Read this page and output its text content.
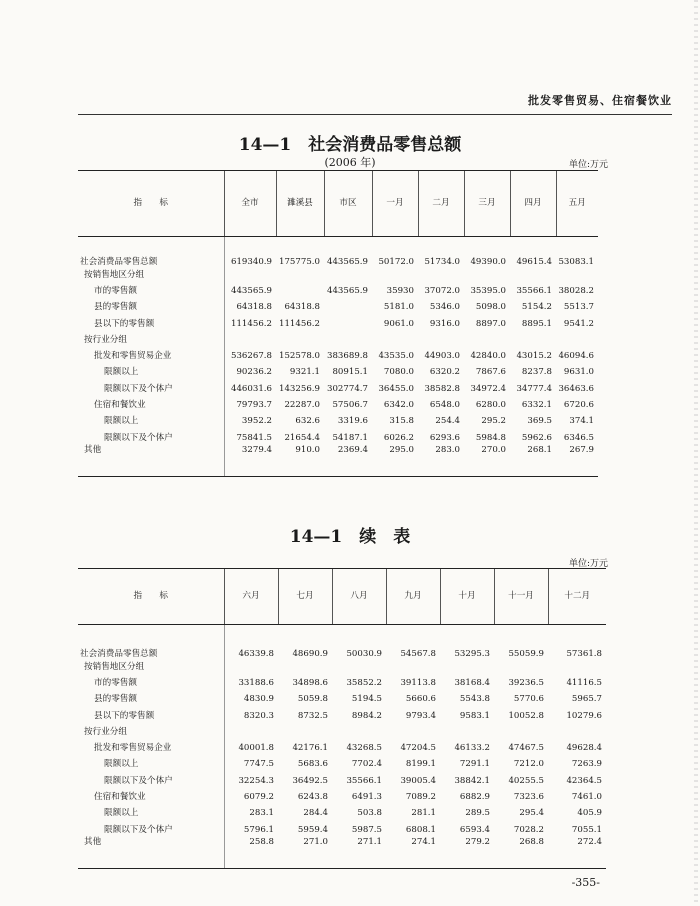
批发零售贸易、住宿餐饮业
14—1　社会消费品零售总额
(2006 年)	单位:万元
指　　标	全市	濉溪县	市区	一月	二月	三月	四月	五月
社会消费品零售总额	619340.9	175775.0	443565.9	50172.0	51734.0	49390.0	49615.4	53083.1
按销售地区分组								
市的零售额	443565.9		443565.9	35930	37072.0	35395.0	35566.1	38028.2
县的零售额	64318.8	64318.8		5181.0	5346.0	5098.0	5154.2	5513.7
县以下的零售额	111456.2	111456.2		9061.0	9316.0	8897.0	8895.1	9541.2
按行业分组								
批发和零售贸易企业	536267.8	152578.0	383689.8	43535.0	44903.0	42840.0	43015.2	46094.6
限额以上	90236.2	9321.1	80915.1	7080.0	6320.2	7867.6	8237.8	9631.0
限额以下及个体户	446031.6	143256.9	302774.7	36455.0	38582.8	34972.4	34777.4	36463.6
住宿和餐饮业	79793.7	22287.0	57506.7	6342.0	6548.0	6280.0	6332.1	6720.6
限额以上	3952.2	632.6	3319.6	315.8	254.4	295.2	369.5	374.1
限额以下及个体户	75841.5	21654.4	54187.1	6026.2	6293.6	5984.8	5962.6	6346.5
其他	3279.4	910.0	2369.4	295.0	283.0	270.0	268.1	267.9
14—1　续　表
单位:万元
指　　标	六月	七月	八月	九月	十月	十一月	十二月
社会消费品零售总额	46339.8	48690.9	50030.9	54567.8	53295.3	55059.9	57361.8
按销售地区分组							
市的零售额	33188.6	34898.6	35852.2	39113.8	38168.4	39236.5	41116.5
县的零售额	4830.9	5059.8	5194.5	5660.6	5543.8	5770.6	5965.7
县以下的零售额	8320.3	8732.5	8984.2	9793.4	9583.1	10052.8	10279.6
按行业分组							
批发和零售贸易企业	40001.8	42176.1	43268.5	47204.5	46133.2	47467.5	49628.4
限额以上	7747.5	5683.6	7702.4	8199.1	7291.1	7212.0	7263.9
限额以下及个体户	32254.3	36492.5	35566.1	39005.4	38842.1	40255.5	42364.5
住宿和餐饮业	6079.2	6243.8	6491.3	7089.2	6882.9	7323.6	7461.0
限额以上	283.1	284.4	503.8	281.1	289.5	295.4	405.9
限额以下及个体户	5796.1	5959.4	5987.5	6808.1	6593.4	7028.2	7055.1
其他	258.8	271.0	271.1	274.1	279.2	268.8	272.4
-355-
